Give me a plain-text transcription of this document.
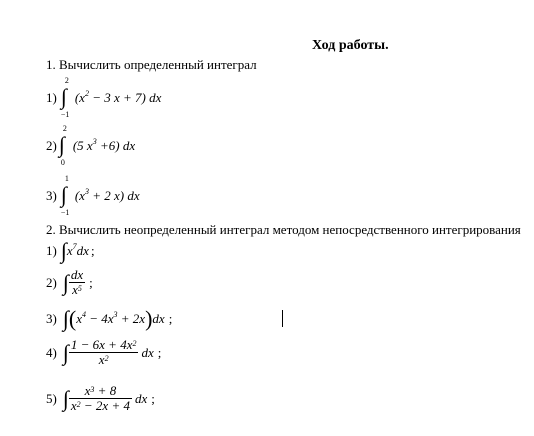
Ход работы.
1. Вычислить определенный интеграл
1)
2
∫
−1
($x^2 - 3$ x + 7) dx
2)
2
∫
0
(5 $x^3 +6$) dx
3)
1
∫
−1
($x^3 + 2$ x) dx
2. Вычислить неопределенный интеграл методом непосредственного интегрирования
1) ∫ $x^7dx$ ;
2) ∫ $\frac{dx}{x^5}$ ;
3) ∫ ( $x^4 - 4x^3 + 2x$ ) dx ;
4) ∫ $\frac{1 - 6x + 4x^2}{x^2}$ dx ;
5) ∫ $\frac{x^3 + 8}{x^2 - 2x + 4}$ dx ;
